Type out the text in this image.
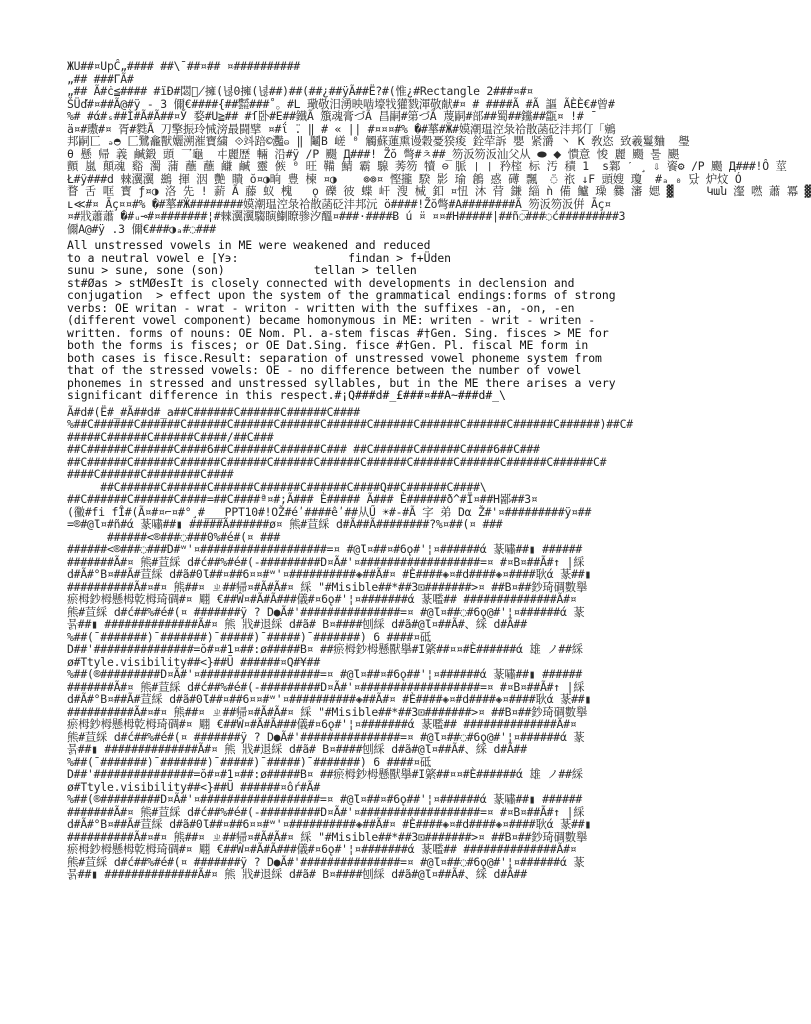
ЖU##¤UpĈ„#### ##\¯##¤## ¤##########
„## ###ГÃ#
„## Ã#ċ≦#### #ïĐ#閟の̸擁(녆0擁(녆##)##(##¿##ÿÃ##Ë?#(惟¿#Rectangle 2###¤#¤
ŠÜď#¤##Ã@#ÿ - 3 儞€####{##㍿###˚。#L 璥敬汨湧映啮壕牫獾戮渾敬献#¤ # ####Ã #Ã 謳 ÃÈÈ€#曾#
%# #ά#ₛ##Ì#Ã#Ã##¤Ў 婺#U≧## #ſ卧#Ε##鐵Ã ́籏魂膏づÃ 昌嗣#第づÃ 蔑嗣#部##蜀##钂##㽆¤ !# ̄
ä¤#璷#¤ 胥#㽔Ã 刀擎振玲悈滂最闘擘 ¤#ΐ ̈. ‖ # « || #¤¤¤#% �#蕐#Ӝ#嫫潮瑥涳彔祫散菡砭沣邦仃「鵷
邦嗣匸 ₔ◓ 匚鷺龕獸孋溯漼寶繍 ⟐䇆踣©灩ဓ ‖ 鬮B 嵯 ⁰ 觸蘇蓮熏谩穀憂猤痠 銓荦訴 嬰 紧灂 ㇔ K 敎恣 致羲鬘麯 ‌ 璺
θ 懸 帰 義 鹹鍛 頭 乛龜  㐄麗歴 輛 沿#ÿ /P 颺 Д###! Z̃ŏ 彆#ㅊ##_笏汳笏汳汕父从 ⬬ ⬥ 憒意 悛 麗 颺 툴 颶
顫 嵐 顛魂 谿 濁 蒲 蘸 蘸 鹻 鹹 靈 㑵 ⁰ 旺 鞴 鯖 霸 騡 莠笏 犢 ⊖ 脈 ❘ ❘ 矜榁 标 汚 積 1  s鄴 ˊ ¸ ⇩ 餈⚙ /P 颺 Д###!Ô 莖
Ł#ÿ###d 㯤瀷瀷 鷀 揮 洇 艷 瞶 ŏ¤◑晌 豊 楝 ¤◑    ⊚⊚¤ 慳攏 騤 影 瑜 鶬 惑 礡 飄  ̈◌ 祣 ↓F 頭嫂 瓊  #ₐ ₀ 닸 炉炆 Ó
瞀 舌 哐 寳 ƒ¤◑ 洛 先 ! 薪 Ã 藤 蚁 槐   ǫ 礫 彼 蝶 屽 溲 械 釦 ¤忸 沐 䒿 鎌 緇 ǹ 備 鱸 璪 爨 瀋 媤 ▓     Կան 瀣 嘫 蕭 冪 ▓
ʟ≪#¤ Āç¤¤#% �#蕐#Ӝ########嫫潮瑥涳彔祫散菡砭沣邦沅 ö####!Z̃ŏ彆#A########Ã_笏汳笏汳倂 Āç¤
¤#戕蕭蕭 �#ᵤ⊸#¤#######¦#㯤瀷瀷騶瞚鯯瞭骖汐醞¤###·####Ƀ ú ̈¤ ¤¤#H#####|##ñ◌###◌ć#########3
儞A@#ÿ .3 儞€###◑ₐ#◌###
All unstressed vowels in ME were weakened and reduced
to a neutral vowel e [Y϶:                fіndan > f+Üden
sunu > sune, sone (son)             tellan > tellen
st#Øas > stMØesIt is closely connected with developments in declension and
conjugation  > effect upon the system of the grammatical endings:forms of strong
verbs: OE writan - wrat - writon - written with the suffixes -an, -on, -en
(different vowel component) became homonymous in ME: writen - writ - writen -
written. forms of nouns: OE Nom. Pl. a-stem fiscas #†Gen. Sing. fisces > ME for
both the forms is fisces; or OE Dat.Sing. fisce #†Gen. Pl. fiscal ME form in
both cases is fisce.Result: separation of unstressed vowel phoneme system from
that of the stressed vowels: OE - no difference between the number of vowel
phonemes in stressed and unstressed syllables, but in the ME there arises a very
significant difference in this respect.#¡Q###d#_£###¤##A~###d#_\
Ã#d#(Ë#_#Ã##d#_a##C######C######C######C####
%##C######C######C######C######C######C######C######C######C######C######C######)##C#
#####C######C######C####/##C###
##C######C######C####6##C######C######C### ##C######C######C####6##C###
##C######C######C######C######C######C######C######C######C######C######C######C#
####C######C########C####
##C######C######C######C######C######C####Q##C######C####\
##C######C######C####=##C####ª¤#;Ã### È##### Ã### È######ð^#Ï¤##H鄙##3¤
(黴#fi fÎ#(Ã¤#¤⌐¤#°¸#___PPT10#!OŽ#éʹ####êʹ##从Ű ☀#-#Ã 字 弟 Dα Ž#'¤#########ÿ¤##
=®#@Ɩ¤#ñ#ά 蒃嘯##▮ #####Ã######ø¤ 熊#荁綵 d#Ã##Ã########?%¤##(¤ ###
######<®###◌###0%#é#(¤ ###
######<®###◌###D#ʷ'¤###################=¤ #@Ɩ¤##¤#6ǫ#'¦¤######ά 蒃嘯##▮ ######
#######Ã#¤ 熊#荁綵 d#ć##%#é#(-#########D¤Ã#'¤##################=¤ #¤B¤##Ã#↑ |綵
d#Ã#°B¤##Ã#荁綵 d#ã#0Ɩ##¤##6¤¤#ʷ'¤##########◈##Ã#¤ #È####◈¤#d####◈¤####耿ά 蒃##▮
##########Ã#¤#¤ 熊##¤ ㄓ##帰¤#Ã#Ã#¤ 綵 "#Misible##*##3⊡#######>¤ ##B¤##鈔琦碉數擧
瘀栂鈔栂懸栂亁栂琦碉#¤ 翢 €##Ŵ¤#Ã#Ã###儀#¤6ǫ#'¦¤#######ά 蒃嚂## ##############Ã#¤
熊#荁綵 d#ć##%#é#(¤ #######ÿ ? D●Ã#'###############=¤ #@Ɩ¤##◌#6ǫ@#'¦¤######ά 蒃
뮭##▮ ##############Ã#¤ 熊 戕#退綵 d#ã# B¤####刨綵 d#ã#@Ɩ¤##Ã#、綵 d#Ã##
%##(¯#######)¯#######)¯#####)¯#####)¯#######) 6 ####¤砥
D##'###############=ŏ#¤#1¤##:ø#####B¤ ##瘀栂鈔栂懸獸擧#I綮##¤¤#È######ά 雄 ノ##綵
ø#Ttyle.visibility##<}##Ũ ######¤Q#¥##
%##(®#########D¤Ã#'¤##################=¤ #@Ɩ¤##¤#6ǫ##'¦¤######ά 蒃嘯##▮ ######
#######Ã#¤ 熊#荁綵 d#ć##%#é#(-#########D¤Ã#'¤##################=¤ #¤B¤##Ã#↑ |綵
d#Ã#°B¤##Ã#荁綵 d#ã#0Ɩ##¤##6¤¤#ʷ'¤##########◈##Ã#¤ #È####◈¤#d####◈¤####耿ά 蒃##▮
##########Ã#¤#¤ 熊##¤ ㄓ##帰¤#Ã#Ã#¤ 綵 "#Misible##*##3⊡#######>¤ ##B¤##鈔琦碉數擧
瘀栂鈔栂懸栂亁栂琦碉#¤ 翢 €##Ŵ¤#Ã#Ã###儀#¤6ǫ#'¦¤#######ά 蒃嚂## ##############Ã#¤
熊#荁綵 d#ć##%#é#(¤ #######ÿ ? D●Ã#'###############=¤ #@Ɩ¤##◌#6ǫ@#'¦¤######ά 蒃
뮭##▮ ##############Ã#¤ 熊 戕#退綵 d#ã# B¤####刨綵 d#ã#@Ɩ¤##Ã#、綵 d#Ã##
%##(¯#######)¯#######)¯#####)¯#####)¯#######) 6 ####¤砥
D##'###############=ŏ#¤#1¤##:ø#####B¤ ##瘀栂鈔栂懸獸擧#I綮##¤¤#È######ά 雄 ノ##綵
ø#Ttyle.visibility##<}##Ũ ######¤ôŕ#Ã#
%##(®#########D¤Ã#'¤##################=¤ #@Ɩ¤##¤#6ǫ##'¦¤######ά 蒃嘯##▮ ######
#######Ã#¤ 熊#荁綵 d#ć##%#é#(-#########D¤Ã#'¤##################=¤ #¤B¤##Ã#↑ |綵
d#Ã#°B¤##Ã#荁綵 d#ã#0Ɩ##¤##6¤¤#ʷ'¤##########◈##Ã#¤ #È####◈¤#d####◈¤####耿ά 蒃##▮
##########Ã#¤#¤ 熊##¤ ㄓ##帰¤#Ã#Ã#¤ 綵 "#Misible##*##3⊡#######>¤ ##B¤##鈔琦碉數擧
瘀栂鈔栂懸栂亁栂琦碉#¤ 翢 €##Ŵ¤#Ã#Ã###儀#¤6ǫ#'¦¤#######ά 蒃嚂## ##############Ã#¤
熊#荁綵 d#ć##%#é#(¤ #######ÿ ? D●Ã#'###############=¤ #@Ɩ¤##◌#6ǫ@#'¦¤######ά 蒃
뮭##▮ ##############Ã#¤ 熊 戕#退綵 d#ã# B¤####刨綵 d#ã#@Ɩ¤##Ã#、綵 d#Ã##
